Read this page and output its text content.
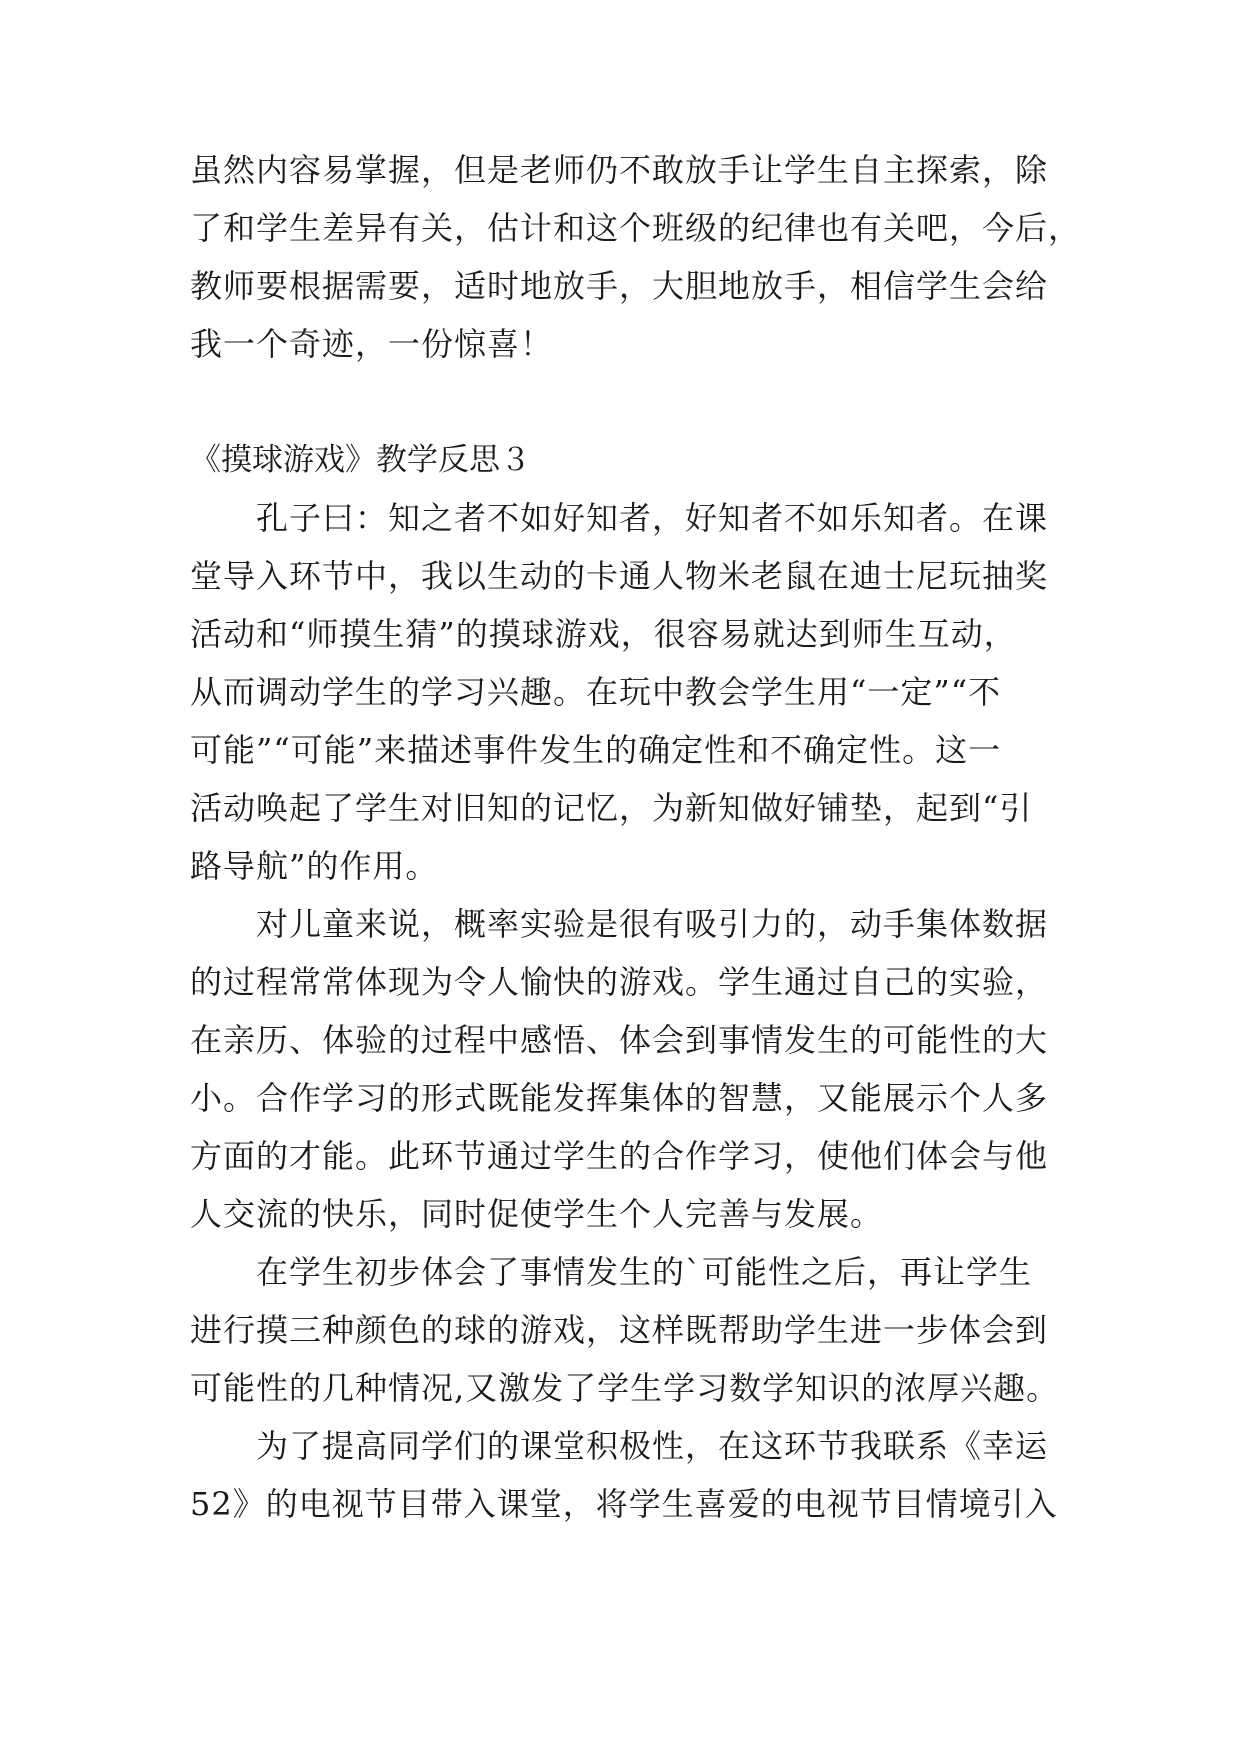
虽然内容易掌握，但是老师仍不敢放手让学生自主探索，除
了和学生差异有关，估计和这个班级的纪律也有关吧，今后，
教师要根据需要，适时地放手，大胆地放手，相信学生会给
我一个奇迹，一份惊喜！
《摸球游戏》教学反思３
　　孔子曰：知之者不如好知者，好知者不如乐知者。在课
堂导入环节中，我以生动的卡通人物米老鼠在迪士尼玩抽奖
活动和“师摸生猜”的摸球游戏，很容易就达到师生互动，
从而调动学生的学习兴趣。在玩中教会学生用“一定”“不
可能”“可能”来描述事件发生的确定性和不确定性。这一
活动唤起了学生对旧知的记忆，为新知做好铺垫，起到“引
路导航”的作用。
　　对儿童来说，概率实验是很有吸引力的，动手集体数据
的过程常常体现为令人愉快的游戏。学生通过自己的实验，
在亲历、体验的过程中感悟、体会到事情发生的可能性的大
小。合作学习的形式既能发挥集体的智慧，又能展示个人多
方面的才能。此环节通过学生的合作学习，使他们体会与他
人交流的快乐，同时促使学生个人完善与发展。
　　在学生初步体会了事情发生的`可能性之后，再让学生
进行摸三种颜色的球的游戏，这样既帮助学生进一步体会到
可能性的几种情况,又激发了学生学习数学知识的浓厚兴趣。
　　为了提高同学们的课堂积极性，在这环节我联系《幸运
52》的电视节目带入课堂，将学生喜爱的电视节目情境引入
